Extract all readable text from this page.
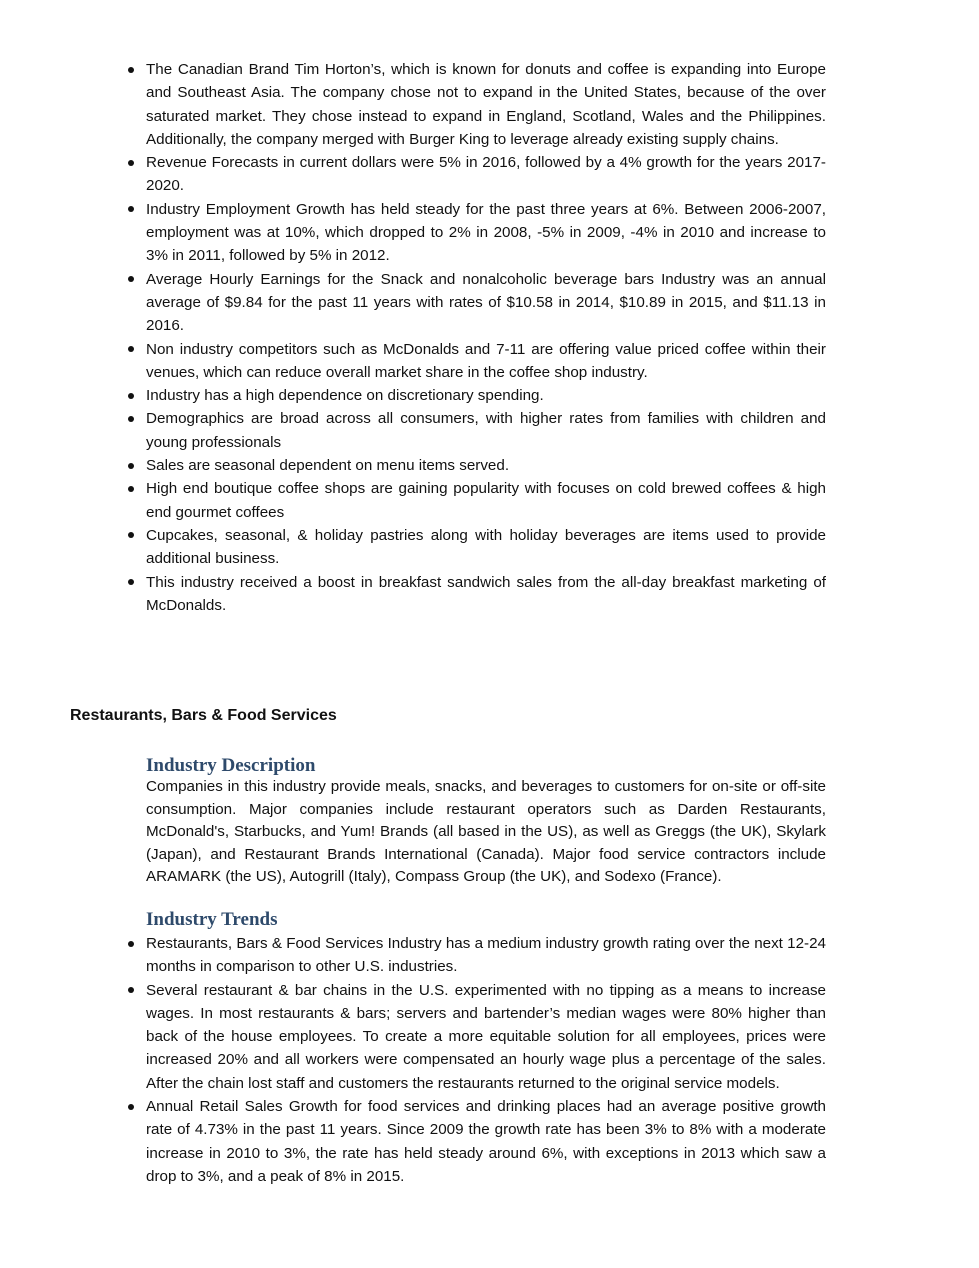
The Canadian Brand Tim Horton’s, which is known for donuts and coffee is expanding into Europe and Southeast Asia. The company chose not to expand in the United States, because of the over saturated market. They chose instead to expand in England, Scotland, Wales and the Philippines. Additionally, the company merged with Burger King to leverage already existing supply chains.
Revenue Forecasts in current dollars were 5% in 2016, followed by a 4% growth for the years 2017-2020.
Industry Employment Growth has held steady for the past three years at 6%. Between 2006-2007, employment was at 10%, which dropped to 2% in 2008, -5% in 2009, -4% in 2010 and increase to 3% in 2011, followed by 5% in 2012.
Average Hourly Earnings for the Snack and nonalcoholic beverage bars Industry was an annual average of $9.84 for the past 11 years with rates of $10.58 in 2014, $10.89 in 2015, and $11.13 in 2016.
Non industry competitors such as McDonalds and 7-11 are offering value priced coffee within their venues, which can reduce overall market share in the coffee shop industry.
Industry has a high dependence on discretionary spending.
Demographics are broad across all consumers, with higher rates from families with children and young professionals
Sales are seasonal dependent on menu items served.
High end boutique coffee shops are gaining popularity with focuses on cold brewed coffees & high end gourmet coffees
Cupcakes, seasonal, & holiday pastries along with holiday beverages are items used to provide additional business.
This industry received a boost in breakfast sandwich sales from the all-day breakfast marketing of McDonalds.
Restaurants, Bars & Food Services
Industry Description

Companies in this industry provide meals, snacks, and beverages to customers for on-site or off-site consumption. Major companies include restaurant operators such as Darden Restaurants, McDonald's, Starbucks, and Yum! Brands (all based in the US), as well as Greggs (the UK), Skylark (Japan), and Restaurant Brands International (Canada). Major food service contractors include ARAMARK (the US), Autogrill (Italy), Compass Group (the UK), and Sodexo (France).

Industry Trends
Restaurants, Bars & Food Services Industry has a medium industry growth rating over the next 12-24 months in comparison to other U.S. industries.
Several restaurant & bar chains in the U.S. experimented with no tipping as a means to increase wages. In most restaurants & bars; servers and bartender’s median wages were 80% higher than back of the house employees. To create a more equitable solution for all employees, prices were increased 20% and all workers were compensated an hourly wage plus a percentage of the sales. After the chain lost staff and customers the restaurants returned to the original service models.
Annual Retail Sales Growth for food services and drinking places had an average positive growth rate of 4.73% in the past 11 years. Since 2009 the growth rate has been 3% to 8% with a moderate increase in 2010 to 3%, the rate has held steady around 6%, with exceptions in 2013 which saw a drop to 3%, and a peak of 8% in 2015.
